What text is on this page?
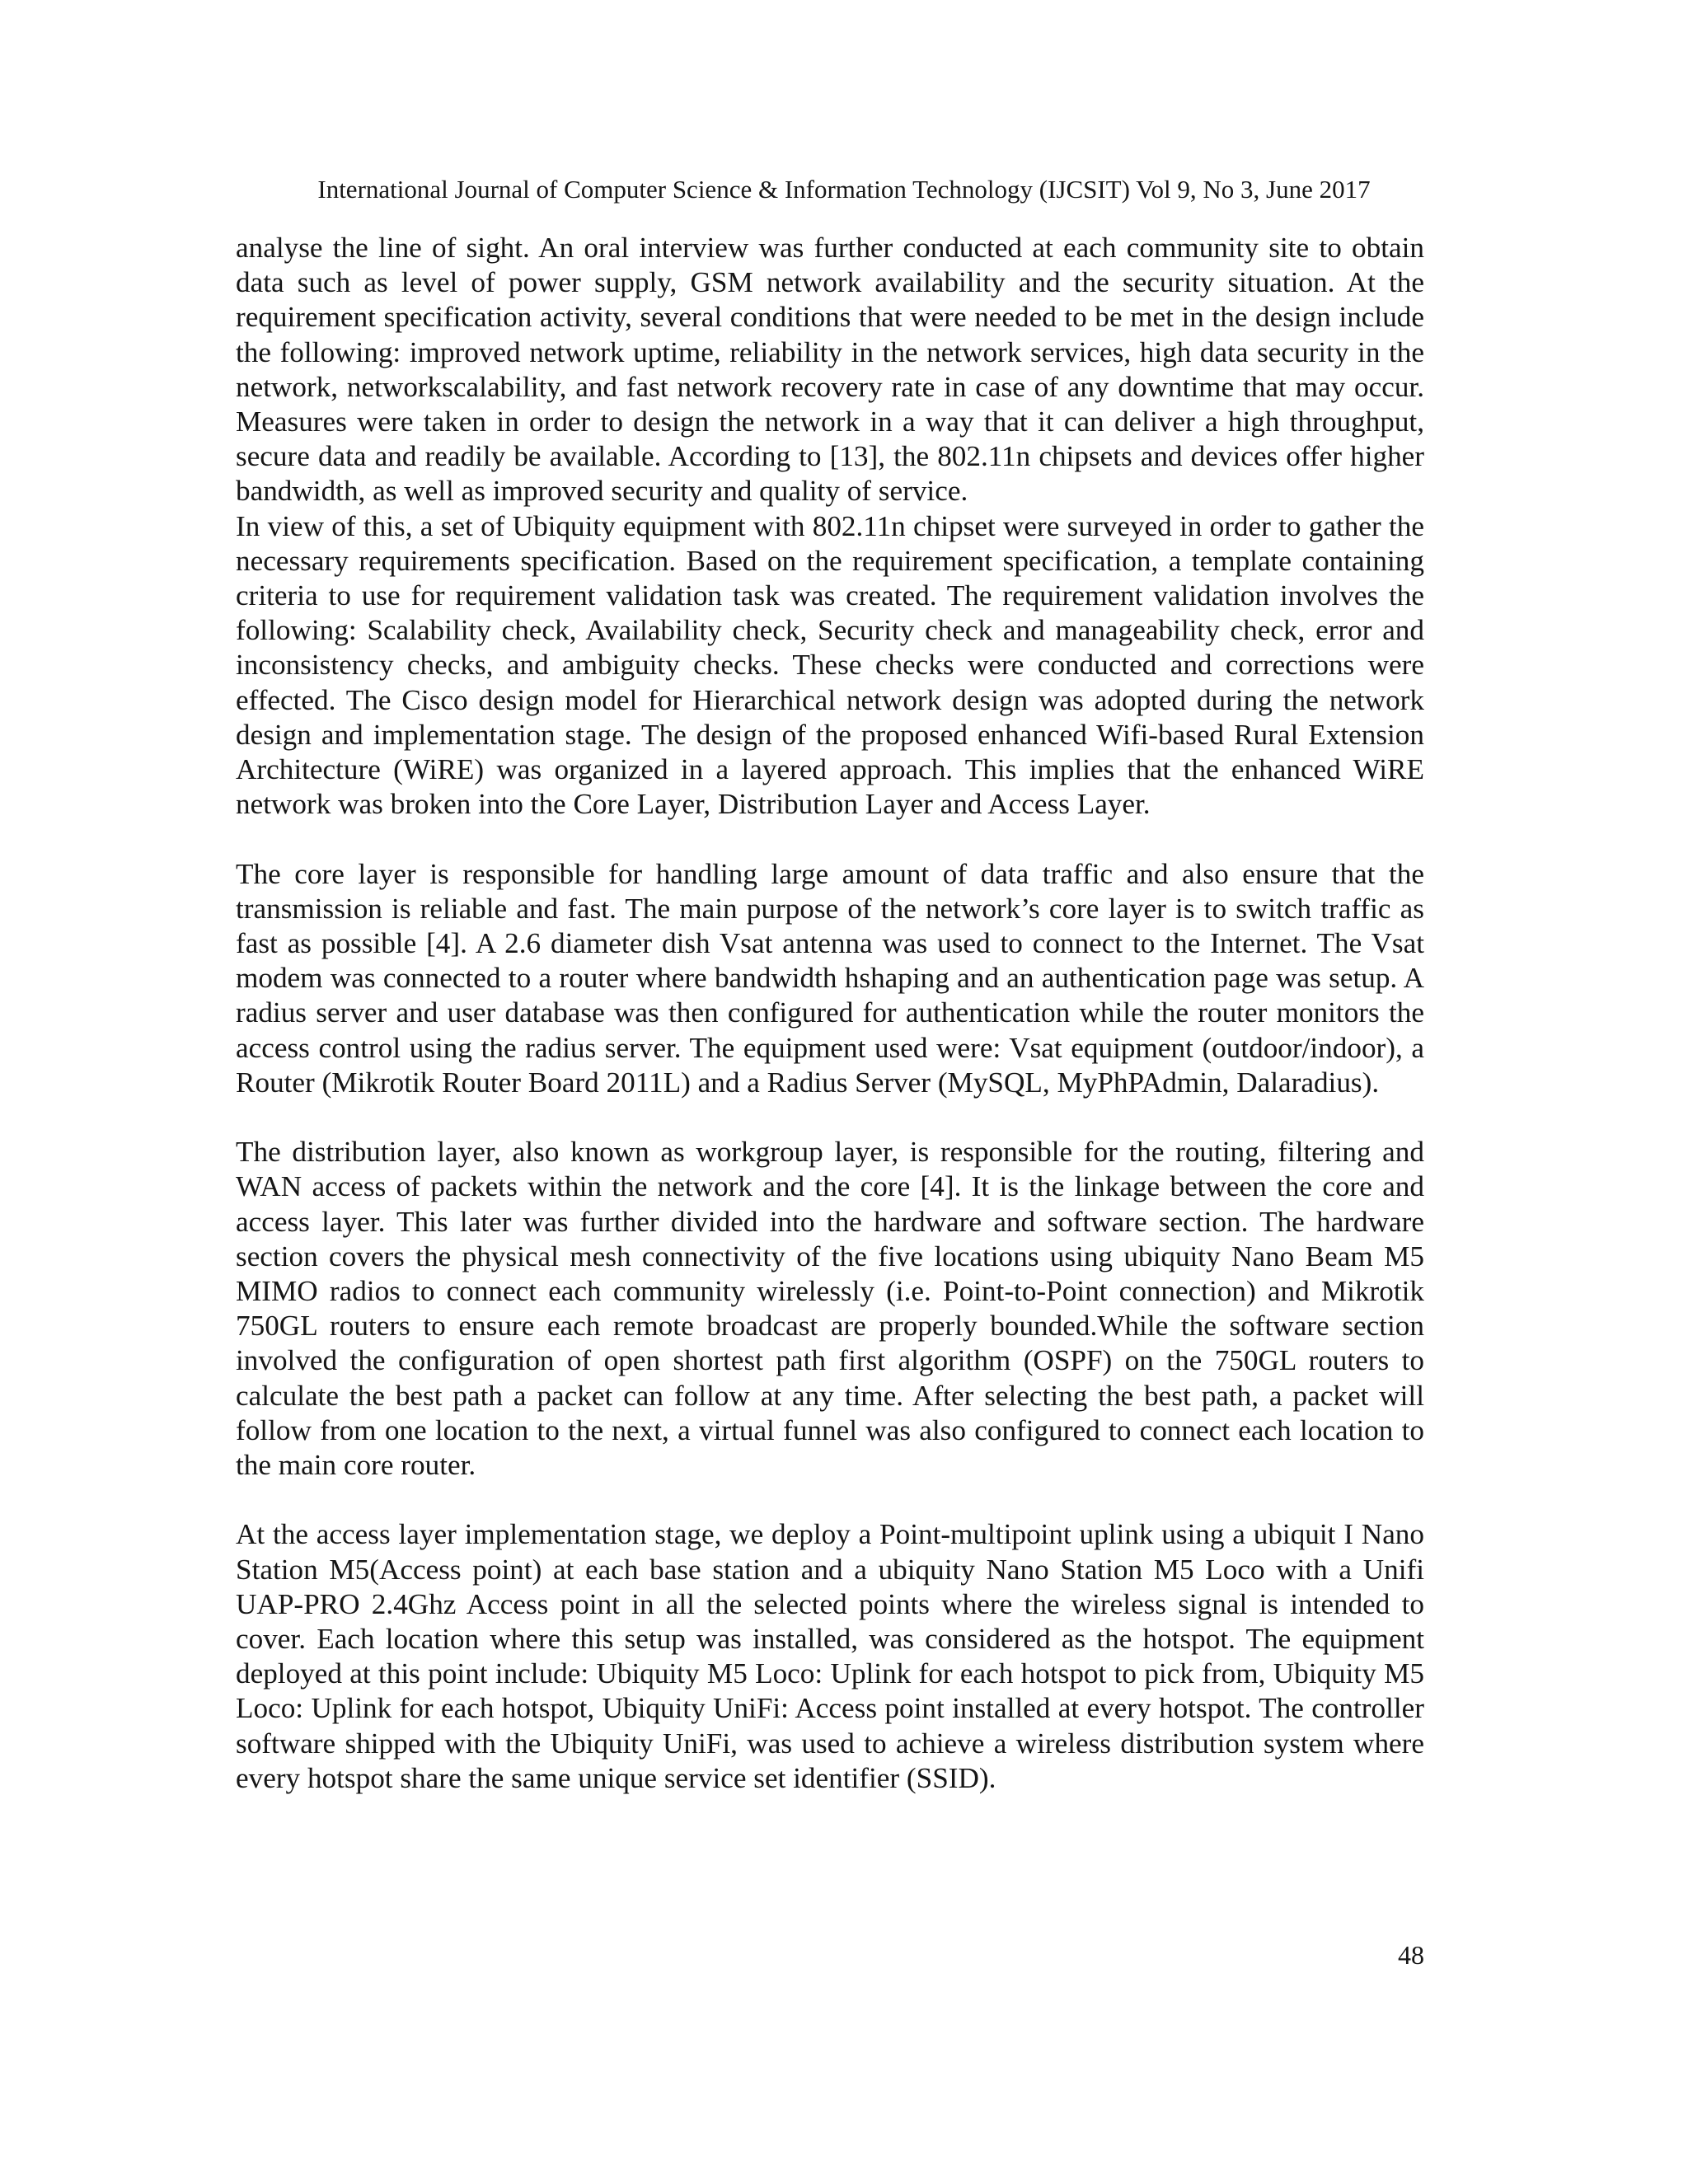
International Journal of Computer Science & Information Technology (IJCSIT) Vol 9, No 3, June 2017

analyse the line of sight. An oral interview was further conducted at each community site to obtain data such as level of power supply, GSM network availability and the security situation. At the requirement specification activity, several conditions that were needed to be met in the design include the following: improved network uptime, reliability in the network services, high data security in the network, networkscalability, and fast network recovery rate in case of any downtime that may occur. Measures were taken in order to design the network in a way that it can deliver a high throughput, secure data and readily be available. According to [13], the 802.11n chipsets and devices offer higher bandwidth, as well as improved security and quality of service.
In view of this, a set of Ubiquity equipment with 802.11n chipset were surveyed in order to gather the necessary requirements specification. Based on the requirement specification, a template containing criteria to use for requirement validation task was created. The requirement validation involves the following: Scalability check, Availability check, Security check and manageability check, error and inconsistency checks, and ambiguity checks. These checks were conducted and corrections were effected. The Cisco design model for Hierarchical network design was adopted during the network design and implementation stage. The design of the proposed enhanced Wifi-based Rural Extension Architecture (WiRE) was organized in a layered approach. This implies that the enhanced WiRE network was broken into the Core Layer, Distribution Layer and Access Layer.

The core layer is responsible for handling large amount of data traffic and also ensure that the transmission is reliable and fast. The main purpose of the network’s core layer is to switch traffic as fast as possible [4]. A 2.6 diameter dish Vsat antenna was used to connect to the Internet. The Vsat modem was connected to a router where bandwidth hshaping and an authentication page was setup. A radius server and user database was then configured for authentication while the router monitors the access control using the radius server. The equipment used were: Vsat equipment (outdoor/indoor), a Router (Mikrotik Router Board 2011L) and a Radius Server (MySQL, MyPhPAdmin, Dalaradius).

The distribution layer, also known as workgroup layer, is responsible for the routing, filtering and WAN access of packets within the network and the core [4]. It is the linkage between the core and access layer. This later was further divided into the hardware and software section. The hardware section covers the physical mesh connectivity of the five locations using ubiquity Nano Beam M5 MIMO radios to connect each community wirelessly (i.e. Point-to-Point connection) and Mikrotik 750GL routers to ensure each remote broadcast are properly bounded.While the software section involved the configuration of open shortest path first algorithm (OSPF) on the 750GL routers to calculate the best path a packet can follow at any time. After selecting the best path, a packet will follow from one location to the next, a virtual funnel was also configured to connect each location to the main core router.

At the access layer implementation stage, we deploy a Point-multipoint uplink using a ubiquit I Nano Station M5(Access point) at each base station and a ubiquity Nano Station M5 Loco with a Unifi UAP-PRO 2.4Ghz Access point in all the selected points where the wireless signal is intended to cover. Each location where this setup was installed, was considered as the hotspot. The equipment deployed at this point include: Ubiquity M5 Loco: Uplink for each hotspot to pick from, Ubiquity M5 Loco: Uplink for each hotspot, Ubiquity UniFi: Access point installed at every hotspot. The controller software shipped with the Ubiquity UniFi, was used to achieve a wireless distribution system where every hotspot share the same unique service set identifier (SSID).

48
